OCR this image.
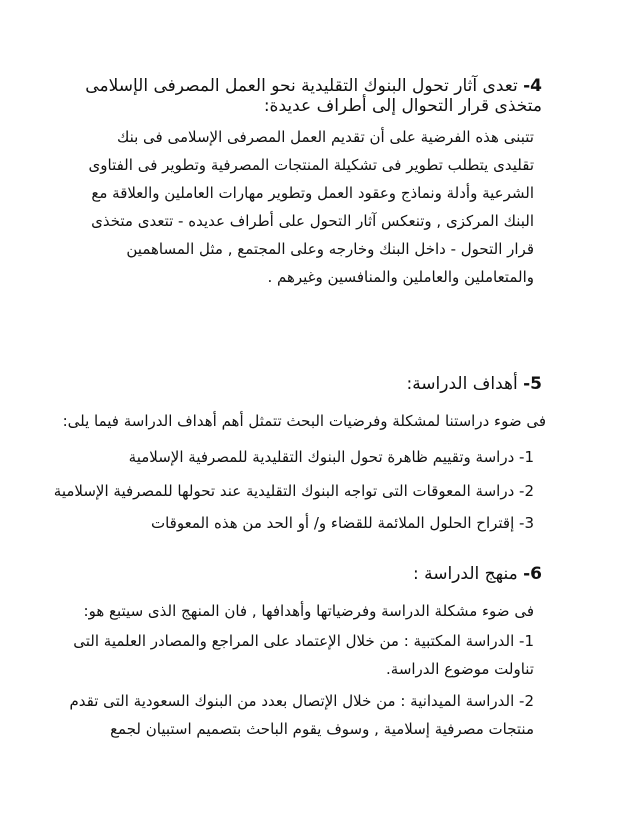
4- تعدى آثار تحول البنوك التقليدية نحو العمل المصرفى الإسلامى
متخذى قرار التحوال إلى أطراف عديدة:
تتبنى هذه الفرضية على أن تقديم العمل المصرفى الإسلامى فى بنك
تقليدى يتطلب تطوير فى تشكيلة المنتجات المصرفية وتطوير فى الفتاوى
الشرعية وأدلة ونماذج وعقود العمل وتطوير مهارات العاملين والعلاقة مع
البنك المركزى , وتنعكس آثار التحول على أطراف عديده - تتعدى متخذى
قرار التحول - داخل البنك وخارجه وعلى المجتمع , مثل المساهمين
والمتعاملين والعاملين والمنافسين وغيرهم .
5- أهداف الدراسة:
فى ضوء دراستنا لمشكلة وفرضيات البحث تتمثل أهم أهداف الدراسة فيما يلى:
1- دراسة وتقييم ظاهرة تحول البنوك التقليدية للمصرفية الإسلامية
2- دراسة المعوقات التى تواجه البنوك التقليدية عند تحولها للمصرفية الإسلامية
3- إقتراح الحلول الملائمة للقضاء و/ أو الحد من هذه المعوقات
6- منهج الدراسة :
فى ضوء مشكلة الدراسة وفرضياتها وأهدافها , فان المنهج الذى سيتبع هو:
1- الدراسة المكتبية : من خلال الإعتماد على المراجع والمصادر العلمية التى
تناولت موضوع الدراسة.
2- الدراسة الميدانية : من خلال الإتصال بعدد من البنوك السعودية التى تقدم
منتجات مصرفية إسلامية , وسوف يقوم الباحث بتصميم استبيان لجمع
